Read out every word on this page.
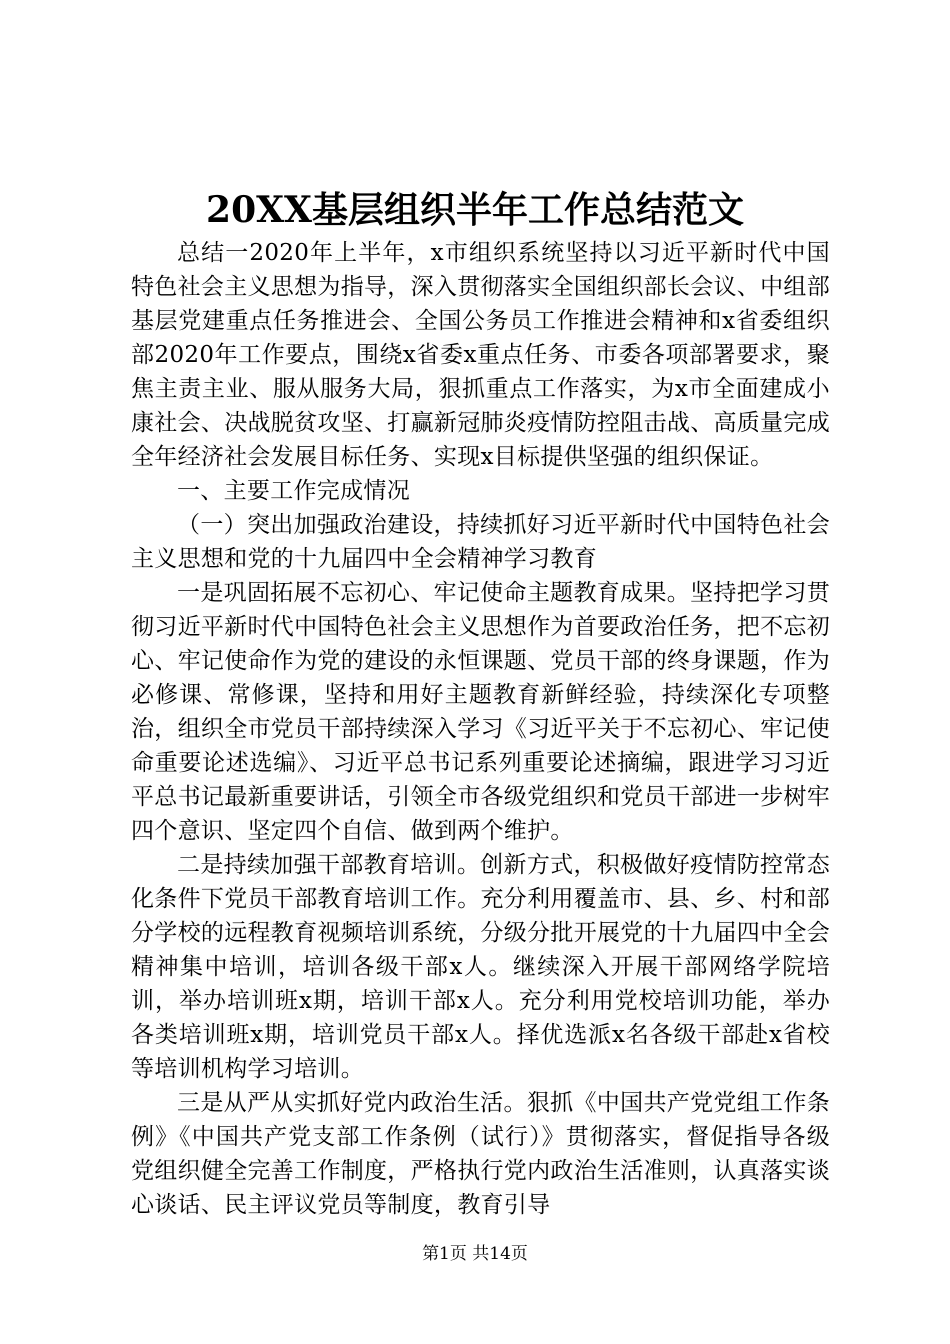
20XX基层组织半年工作总结范文

总结一2020年上半年，x市组织系统坚持以习近平新时代中国特色社会主义思想为指导，深入贯彻落实全国组织部长会议、中组部基层党建重点任务推进会、全国公务员工作推进会精神和x省委组织部2020年工作要点，围绕x省委x重点任务、市委各项部署要求，聚焦主责主业、服从服务大局，狠抓重点工作落实，为x市全面建成小康社会、决战脱贫攻坚、打赢新冠肺炎疫情防控阻击战、高质量完成全年经济社会发展目标任务、实现x目标提供坚强的组织保证。

一、主要工作完成情况

（一）突出加强政治建设，持续抓好习近平新时代中国特色社会主义思想和党的十九届四中全会精神学习教育

一是巩固拓展不忘初心、牢记使命主题教育成果。坚持把学习贯彻习近平新时代中国特色社会主义思想作为首要政治任务，把不忘初心、牢记使命作为党的建设的永恒课题、党员干部的终身课题，作为必修课、常修课，坚持和用好主题教育新鲜经验，持续深化专项整治，组织全市党员干部持续深入学习《习近平关于不忘初心、牢记使命重要论述选编》、习近平总书记系列重要论述摘编，跟进学习习近平总书记最新重要讲话，引领全市各级党组织和党员干部进一步树牢四个意识、坚定四个自信、做到两个维护。

二是持续加强干部教育培训。创新方式，积极做好疫情防控常态化条件下党员干部教育培训工作。充分利用覆盖市、县、乡、村和部分学校的远程教育视频培训系统，分级分批开展党的十九届四中全会精神集中培训，培训各级干部x人。继续深入开展干部网络学院培训，举办培训班x期，培训干部x人。充分利用党校培训功能，举办各类培训班x期，培训党员干部x人。择优选派x名各级干部赴x省校等培训机构学习培训。

三是从严从实抓好党内政治生活。狠抓《中国共产党党组工作条例》《中国共产党支部工作条例（试行）》贯彻落实，督促指导各级党组织健全完善工作制度，严格执行党内政治生活准则，认真落实谈心谈话、民主评议党员等制度，教育引导

第1页 共14页
